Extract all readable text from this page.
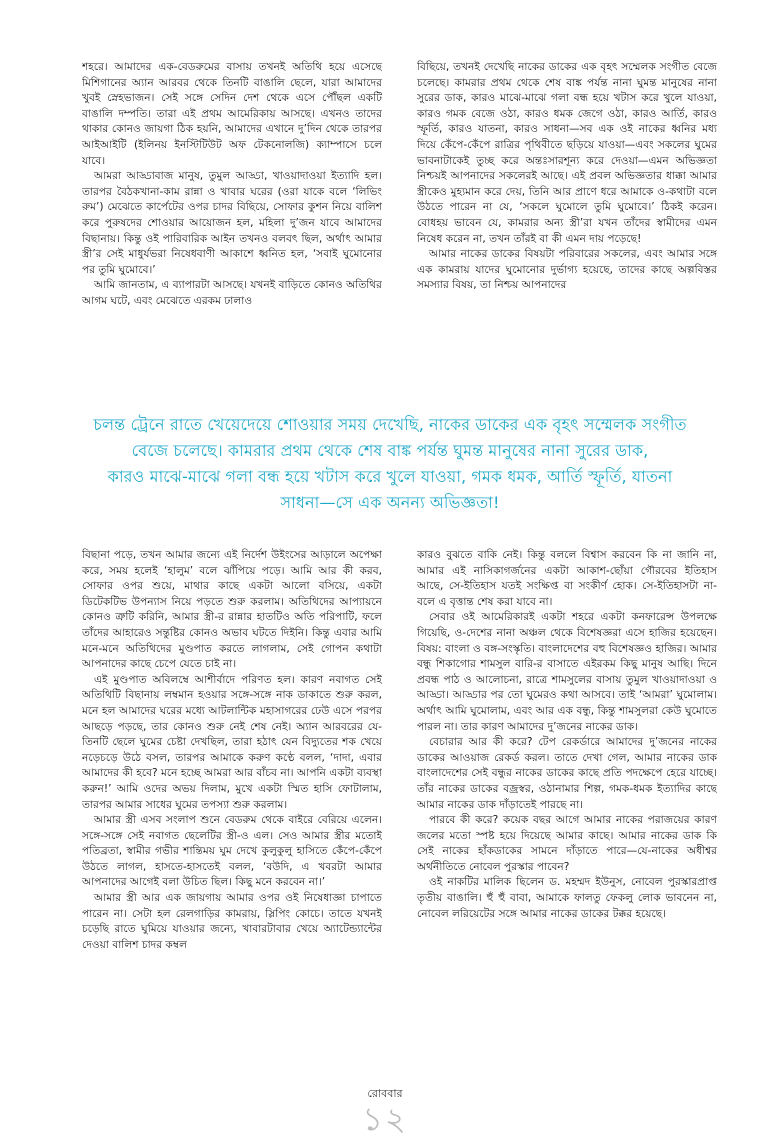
শহরে। আমাদের এক-বেডরুমের বাসায় তখনই অতিথি হয়ে এসেছে মিশিগানের অ্যান আরবর থেকে তিনটি বাঙালি ছেলে, যারা আমাদের খুবই স্নেহভাজন। সেই সঙ্গে সেদিন দেশ থেকে এসে পৌঁছল একটি বাঙালি দম্পতি। তারা এই প্রথম আমেরিকায় আসছে। এখনও তাদের থাকার কোনও জায়গা ঠিক হয়নি, আমাদের এখানে দু’দিন থেকে তারপর আইআইটি (ইলিনয় ইনস্টিটিউট অফ টেকনোলজি) ক্যাম্পাসে চলে যাবে।

আমরা আড্ডাবাজ মানুষ, তুমুল আড্ডা, খাওয়াদাওয়া ইত্যাদি হল। তারপর বৈঠকখানা-কাম রান্না ও খাবার ঘরের (ওরা যাকে বলে ‘লিভিং রুম’) মেঝেতে কার্পেটের ওপর চাদর বিছিয়ে, সোফার কুশন নিয়ে বালিশ করে পুরুষদের শোওয়ার আয়োজন হল, মহিলা দু’জন যাবে আমাদের বিছানায়। কিন্তু ওই পারিবারিক আইন তখনও বলবৎ ছিল, অর্থাৎ আমার স্ত্রী’র সেই মাধুর্যভরা নিষেধবাণী আকাশে ধ্বনিত হল, ‘সবাই ঘুমোনোর পর তুমি ঘুমোবে।’

আমি জানতাম, এ ব্যাপারটা আসছে। যখনই বাড়িতে কোনও অতিথির আগম ঘটে, এবং মেঝেতে এরকম ঢালাও

বিছিয়ে, তখনই দেখেছি নাকের ডাকের এক বৃহৎ সম্মেলক সংগীত বেজে চলেছে। কামরার প্রথম থেকে শেষ বাঙ্ক পর্যন্ত নানা ঘুমন্ত মানুষের নানা সুরের ডাক, কারও মাঝে-মাঝে গলা বন্ধ হয়ে খটাস করে খুলে যাওয়া, কারও গমক বেজে ওঠা, কারও ধমক জেগে ওঠা, কারও আর্তি, কারও স্ফূর্তি, কারও যাতনা, কারও সাধনা—সব এক ওই নাকের ধ্বনির মধ্য দিয়ে কেঁপে-কেঁপে রাত্রির পৃথিবীতে ছড়িয়ে যাওয়া—এবং সকলের ঘুমের ভাবনাটাকেই তুচ্ছ করে অন্তঃসারশূন্য করে দেওয়া—এমন অভিজ্ঞতা নিশ্চয়ই আপনাদের সকলেরই আছে। এই প্রবল অভিজ্ঞতার ধাক্কা আমার স্ত্রীকেও মুহ্যমান করে দেয়, তিনি আর প্রাণে ধরে আমাকে ও-কথাটা বলে উঠতে পারেন না যে, ‘সকলে ঘুমোলে তুমি ঘুমোবে।’ ঠিকই করেন। বোধহয় ভাবেন যে, কামরার অন্য স্ত্রী’রা যখন তাঁদের স্বামীদের এমন নিষেধ করেন না, তখন তাঁরই বা কী এমন দায় পড়েছে!

আমার নাকের ডাকের বিষয়টা পরিবারের সকলের, এবং আমার সঙ্গে এক কামরায় যাদের ঘুমোনোর দুর্ভাগ্য হয়েছে, তাদের কাছে অল্পবিস্তর সমস্যার বিষয়, তা নিশ্চয় আপনাদের

চলন্ত ট্রেনে রাতে খেয়েদেয়ে শোওয়ার সময় দেখেছি, নাকের ডাকের এক বৃহৎ সম্মেলক সংগীত

বেজে চলেছে। কামরার প্রথম থেকে শেষ বাঙ্ক পর্যন্ত ঘুমন্ত মানুষের নানা সুরের ডাক,

কারও মাঝে-মাঝে গলা বন্ধ হয়ে খটাস করে খুলে যাওয়া, গমক ধমক, আর্তি স্ফূর্তি, যাতনা

সাধনা—সে এক অনন্য অভিজ্ঞতা!

বিছানা পড়ে, তখন আমার জন্যে এই নির্দেশ উইংসের আড়ালে অপেক্ষা করে, সময় হলেই ‘হালুম’ বলে ঝাঁপিয়ে পড়ে। আমি আর কী করব, সোফার ওপর শুয়ে, মাথার কাছে একটা আলো বসিয়ে, একটা ডিটেকটিভ উপন্যাস নিয়ে পড়তে শুরু করলাম। অতিথিদের আপ্যায়নে কোনও ত্রুটি করিনি, আমার স্ত্রী-র রান্নার হাতটিও অতি পরিপাটি, ফলে তাঁদের আহারেও সন্তুষ্টির কোনও অভাব ঘটতে দিইনি। কিন্তু এবার আমি মনে-মনে অতিথিদের মুণ্ডপাত করতে লাগলাম, সেই গোপন কথাটা আপনাদের কাছে চেপে যেতে চাই না।

এই মুণ্ডপাত অবিলম্বে আশীর্বাদে পরিণত হল। কারণ নবাগত সেই অতিথিটি বিছানায় লম্বমান হওয়ার সঙ্গে-সঙ্গে নাক ডাকাতে শুরু করল, মনে হল আমাদের ঘরের মধ্যে আটলান্টিক মহাসাগরের ঢেউ এসে পরপর আছড়ে পড়ছে, তার কোনও শুরু নেই শেষ নেই। অ্যান আরবরের যে-তিনটি ছেলে ঘুমের চেষ্টা দেখছিল, তারা হঠাৎ যেন বিদ্যুতের শক খেয়ে নড়েচড়ে উঠে বসল, তারপর আমাকে করুণ কণ্ঠে বলল, ‘দাদা, এবার আমাদের কী হবে? মনে হচ্ছে আমরা আর বাঁচব না। আপনি একটা ব্যবস্থা করুন!’ আমি ওদের অভয় দিলাম, মুখে একটা স্মিত হাসি ফোটালাম, তারপর আমার সাধের ঘুমের তপস্যা শুরু করলাম।

আমার স্ত্রী এসব সংলাপ শুনে বেডরুম থেকে বাইরে বেরিয়ে এলেন। সঙ্গে-সঙ্গে সেই নবাগত ছেলেটির স্ত্রী-ও এল। সেও আমার স্ত্রীর মতোই পতিব্রতা, স্বামীর গভীর শান্তিময় ঘুম দেখে কুলুকুলু হাসিতে কেঁপে-কেঁপে উঠতে লাগল, হাসতে-হাসতেই বলল, ‘বউদি, এ খবরটা আমার আপনাদের আগেই বলা উচিত ছিল। কিছু মনে করবেন না।’

আমার স্ত্রী আর এক জায়গায় আমার ওপর ওই নিষেধাজ্ঞা চাপাতে পারেন না। সেটা হল রেলগাড়ির কামরায়, স্লিপিং কোচে। তাতে যখনই চড়েছি রাতে ঘুমিয়ে যাওয়ার জন্যে, খাবারটাবার খেয়ে অ্যাটেন্ড্যান্টের দেওয়া বালিশ চাদর কম্বল

কারও বুঝতে বাকি নেই। কিন্তু বললে বিশ্বাস করবেন কি না জানি না, আমার এই নাসিকাগর্জনের একটা আকাশ-ছোঁয়া গৌরবের ইতিহাস আছে, সে-ইতিহাস যতই সংক্ষিপ্ত বা সংকীর্ণ হোক। সে-ইতিহাসটা না-বলে এ বৃত্তান্ত শেষ করা যাবে না।

সেবার ওই আমেরিকারই একটা শহরে একটা কনফারেন্স উপলক্ষে গিয়েছি, ও-দেশের নানা অঞ্চল থেকে বিশেষজ্ঞরা এসে হাজির হয়েছেন। বিষয়: বাংলা ও বঙ্গ-সংস্কৃতি। বাংলাদেশের বহু বিশেষজ্ঞও হাজির। আমার বন্ধু শিকাগোর শামসুল বারি-র বাসাতে এইরকম কিছু মানুষ আছি। দিনে প্রবন্ধ পাঠ ও আলোচনা, রাত্রে শামসুলের বাসায় তুমুল খাওয়াদাওয়া ও আড্ডা। আড্ডার পর তো ঘুমেরও কথা আসবে। তাই ‘আমরা’ ঘুমোলাম। অর্থাৎ আমি ঘুমোলাম, এবং আর এক বন্ধু, কিন্তু শামসুলরা কেউ ঘুমোতে পারল না। তার কারণ আমাদের দু’জনের নাকের ডাক।

বেচারার আর কী করে? টেপ রেকর্ডারে আমাদের দু’জনের নাকের ডাকের আওয়াজ রেকর্ড করল। তাতে দেখা গেল, আমার নাকের ডাক বাংলাদেশের সেই বন্ধুর নাকের ডাকের কাছে প্রতি পদক্ষেপে হেরে যাচ্ছে। তাঁর নাকের ডাকের বজ্রস্বর, ওঠানামার শিল্প, গমক-ধমক ইত্যাদির কাছে আমার নাকের ডাক দাঁড়াতেই পারছে না।

পারবে কী করে? কয়েক বছর আগে আমার নাকের পরাজয়ের কারণ জলের মতো স্পষ্ট হয়ে দিয়েছে আমার কাছে। আমার নাকের ডাক কি সেই নাকের হাঁকডাকের সামনে দাঁড়াতে পারে—যে-নাকের অধীশ্বর অর্থনীতিতে নোবেল পুরস্কার পাবেন?

ওই নাকটির মালিক ছিলেন ড. মহম্মদ ইউনুস, নোবেল পুরস্কারপ্রাপ্ত তৃতীয় বাঙালি। হুঁ হুঁ বাবা, আমাকে ফালতু ফেকলু লোক ভাবনেন না, নোবেল লরিয়েটের সঙ্গে আমার নাকের ডাকের টক্কর হয়েছে।

রোববার
১২
